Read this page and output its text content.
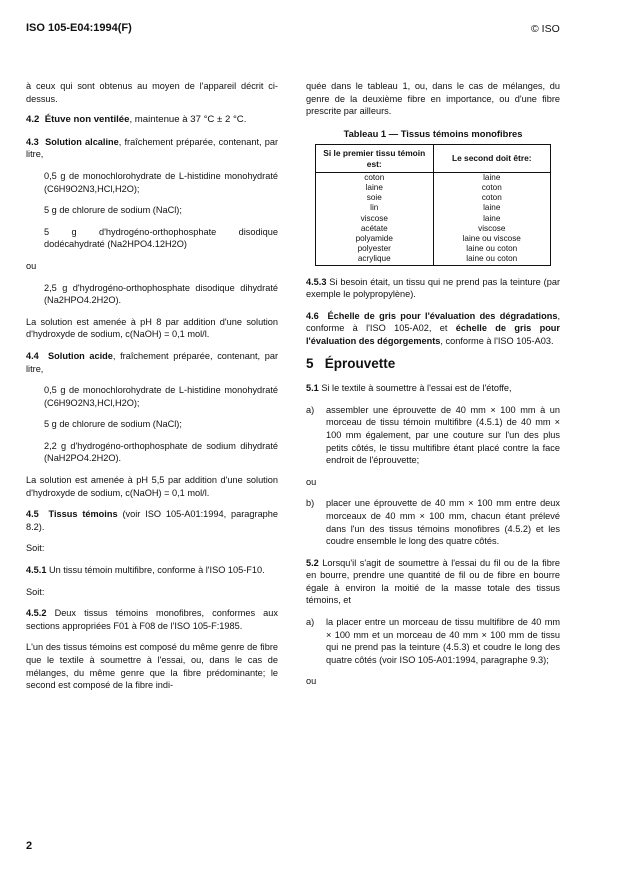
ISO 105-E04:1994(F)	© ISO

à ceux qui sont obtenus au moyen de l'appareil décrit ci-dessus.

4.2 Étuve non ventilée, maintenue à 37 °C ± 2 °C.

4.3 Solution alcaline, fraîchement préparée, contenant, par litre,

0,5 g de monochlorohydrate de L-histidine monohydraté (C6H9O2N3,HCl,H2O);

5 g de chlorure de sodium (NaCl);

5 g d'hydrogéno-orthophosphate disodique dodécahydraté (Na2HPO4.12H2O)

ou

2,5 g d'hydrogéno-orthophosphate disodique dihydraté (Na2HPO4.2H2O).

La solution est amenée à pH 8 par addition d'une solution d'hydroxyde de sodium, c(NaOH) = 0,1 mol/l.

4.4 Solution acide, fraîchement préparée, contenant, par litre,

0,5 g de monochlorohydrate de L-histidine monohydraté (C6H9O2N3,HCl,H2O);

5 g de chlorure de sodium (NaCl);

2,2 g d'hydrogéno-orthophosphate de sodium dihydraté (NaH2PO4.2H2O).

La solution est amenée à pH 5,5 par addition d'une solution d'hydroxyde de sodium, c(NaOH) = 0,1 mol/l.

4.5 Tissus témoins (voir ISO 105-A01:1994, paragraphe 8.2).

Soit:

4.5.1 Un tissu témoin multifibre, conforme à l'ISO 105-F10.

Soit:

4.5.2 Deux tissus témoins monofibres, conformes aux sections appropriées F01 à F08 de l'ISO 105-F:1985.

L'un des tissus témoins est composé du même genre de fibre que le textile à soumettre à l'essai, ou, dans le cas de mélanges, du même genre que la fibre prédominante; le second est composé de la fibre indi-

quée dans le tableau 1, ou, dans le cas de mélanges, du genre de la deuxième fibre en importance, ou d'une fibre prescrite par ailleurs.

Tableau 1 — Tissus témoins monofibres
Si le premier tissu témoin est:	Le second doit être:
coton	laine
laine	coton
soie	coton
lin	laine
viscose	laine
acétate	viscose
polyamide	laine ou viscose
polyester	laine ou coton
acrylique	laine ou coton

4.5.3 Si besoin était, un tissu qui ne prend pas la teinture (par exemple le polypropylène).

4.6 Échelle de gris pour l'évaluation des dégradations, conforme à l'ISO 105-A02, et échelle de gris pour l'évaluation des dégorgements, conforme à l'ISO 105-A03.

5 Éprouvette

5.1 Si le textile à soumettre à l'essai est de l'étoffe,

a)	assembler une éprouvette de 40 mm × 100 mm à un morceau de tissu témoin multifibre (4.5.1) de 40 mm × 100 mm également, par une couture sur l'un des plus petits côtés, le tissu multifibre étant placé contre la face endroit de l'éprouvette;

ou

b)	placer une éprouvette de 40 mm × 100 mm entre deux morceaux de 40 mm × 100 mm, chacun étant prélevé dans l'un des tissus témoins monofibres (4.5.2) et les coudre ensemble le long des quatre côtés.

5.2 Lorsqu'il s'agit de soumettre à l'essai du fil ou de la fibre en bourre, prendre une quantité de fil ou de fibre en bourre égale à environ la moitié de la masse totale des tissus témoins, et

a)	la placer entre un morceau de tissu multifibre de 40 mm × 100 mm et un morceau de 40 mm × 100 mm de tissu qui ne prend pas la teinture (4.5.3) et coudre le long des quatre côtés (voir ISO 105-A01:1994, paragraphe 9.3);

ou

2
